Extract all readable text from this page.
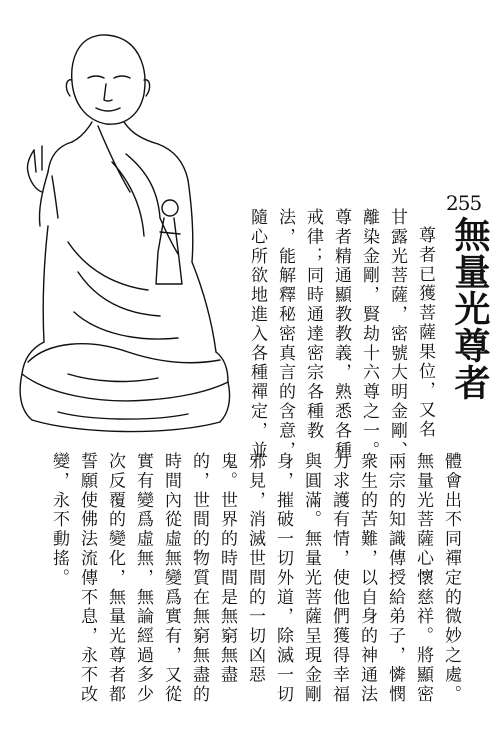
255
無量光尊者
尊者已獲菩薩果位，又名
甘露光菩薩，密號大明金剛、
離染金剛，賢劫十六尊之一。
尊者精通顯教教義，熟悉各種
戒律；同時通達密宗各種教
法，能解釋秘密真言的含意，
隨心所欲地進入各種禪定，並
體會出不同禪定的微妙之處。
無量光菩薩心懷慈祥。將顯密
兩宗的知識傳授給弟子，憐憫
衆生的苦難，以自身的神通法
力求護有情，使他們獲得幸福
與圓滿。無量光菩薩呈現金剛
身，摧破一切外道，除滅一切
邪見，消滅世間的一切凶惡
鬼。世界的時間是無窮無盡
的，世間的物質在無窮無盡的
時間內從虛無變爲實有，又從
實有變爲虛無，無論經過多少
次反覆的變化，無量光尊者都
誓願使佛法流傳不息，永不改
變，永不動搖。
